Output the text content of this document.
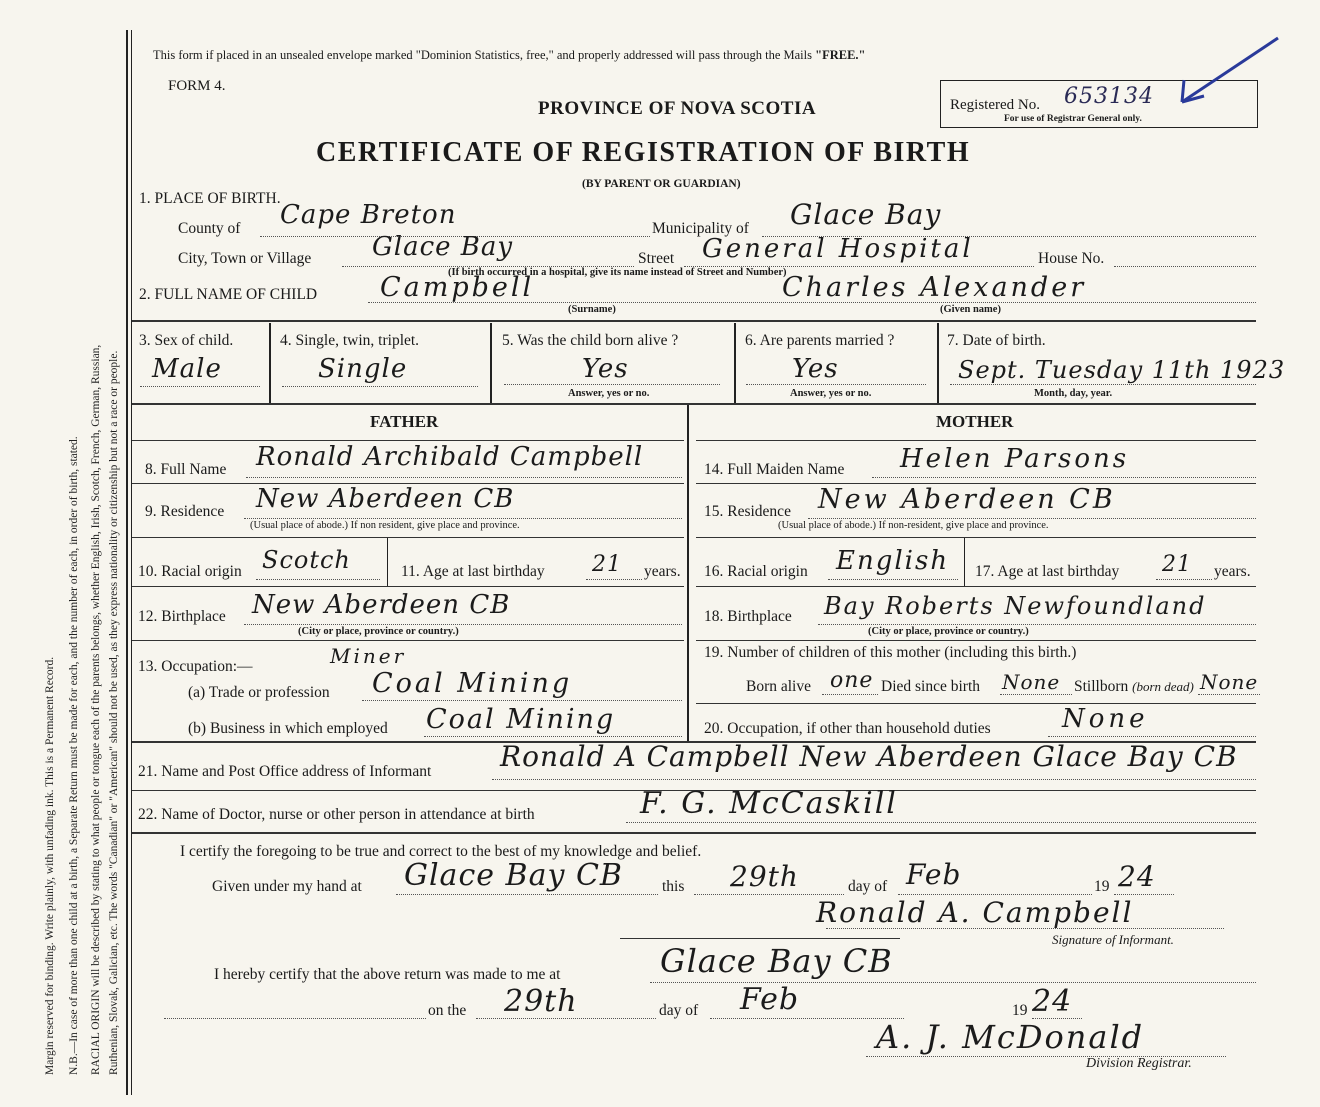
Margin reserved for binding. Write plainly, with unfading ink. This is a Permanent Record. N.B.—In case of more than one child at a birth, a Separate Return must be made for each, and the number of each, in order of birth, stated. RACIAL ORIGIN will be described by stating to what people or tongue each of the parents belongs, whether English, Irish, Scotch, French, German, Russian, Ruthenian, Slovak, Galician, etc. The words "Canadian" or "American" should not be used, as they express nationality or citizenship but not a race or people.
This form if placed in an unsealed envelope marked "Dominion Statistics, free," and properly addressed will pass through the Mails "FREE."
FORM 4.
PROVINCE OF NOVA SCOTIA
CERTIFICATE OF REGISTRATION OF BIRTH
(BY PARENT OR GUARDIAN)
Registered No. 653134
For use of Registrar General only.
1. PLACE OF BIRTH.
County of Cape Breton	Municipality of Glace Bay
City, Town or Village Glace Bay	Street General Hospital	House No.
(If birth occurred in a hospital, give its name instead of Street and Number)
2. FULL NAME OF CHILD Campbell	Charles Alexander
(Surname)	(Given name)
3. Sex of child.
Male
4. Single, twin, triplet.
Single
5. Was the child born alive ?
Yes
Answer, yes or no.
6. Are parents married ?
Yes
Answer, yes or no.
7. Date of birth.
Sept. Tuesday 11th 1923
Month, day, year.
FATHER	MOTHER
8. Full Name Ronald Archibald Campbell	14. Full Maiden Name Helen Parsons
9. Residence New Aberdeen CB
(Usual place of abode.) If non resident, give place and province.
15. Residence New Aberdeen CB
(Usual place of abode.) If non-resident, give place and province.
10. Racial origin Scotch	11. Age at last birthday 21 years. 16. Racial origin English 17. Age at last birthday 21 years.
12. Birthplace New Aberdeen CB
(City or place, province or country.)
18. Birthplace Bay Roberts Newfoundland
(City or place, province or country.)
13. Occupation:—	Miner
(a) Trade or profession Coal Mining
(b) Business in which employed Coal Mining
19. Number of children of this mother (including this birth.)
Born alive one Died since birth None Stillborn (born dead) None
20. Occupation, if other than household duties	None
21. Name and Post Office address of Informant Ronald A Campbell New Aberdeen Glace Bay CB
22. Name of Doctor, nurse or other person in attendance at birth	F. G. McCaskill
I certify the foregoing to be true and correct to the best of my knowledge and belief.
Given under my hand at Glace Bay CB	this 29th	day of Feb	19 24
Ronald A. Campbell
Signature of Informant.
I hereby certify that the above return was made to me at	Glace Bay CB
on the 29th	day of Feb	19 24
A. J. McDonald
Division Registrar.
